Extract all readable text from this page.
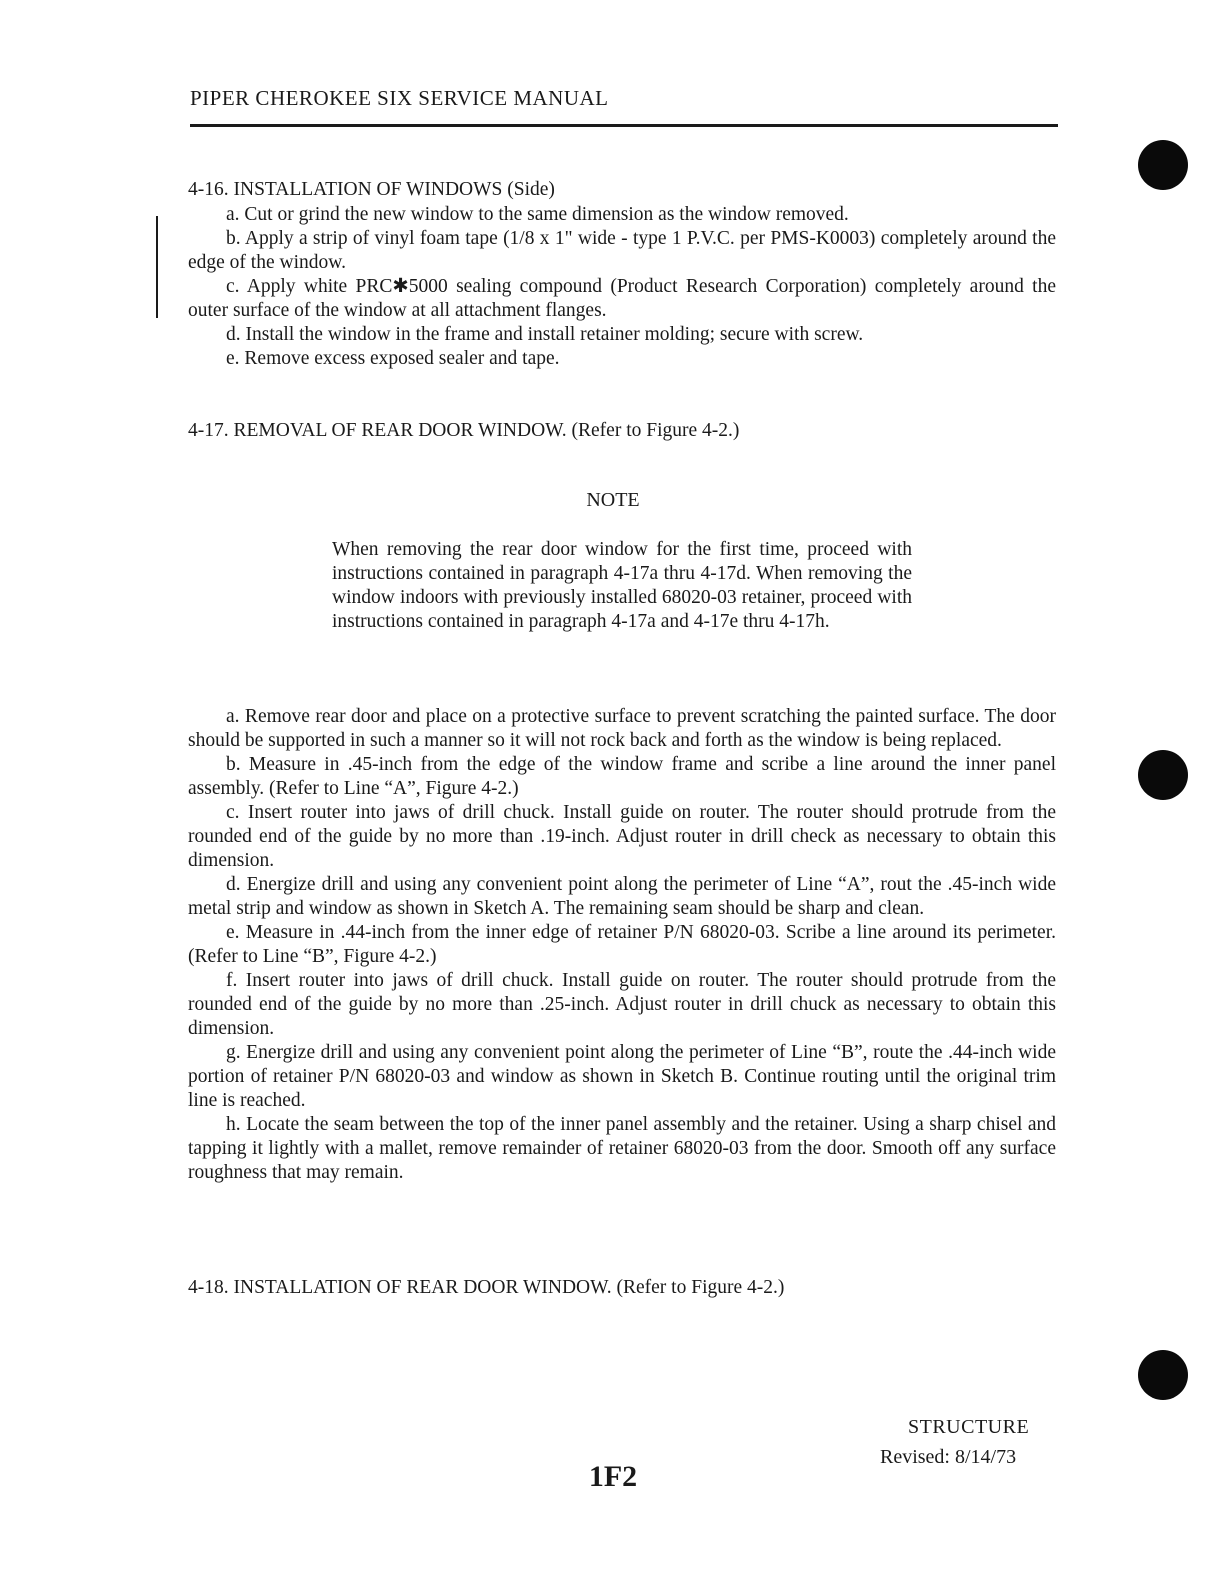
PIPER CHEROKEE SIX SERVICE MANUAL
4-16. INSTALLATION OF WINDOWS (Side)

a. Cut or grind the new window to the same dimension as the window removed.

b. Apply a strip of vinyl foam tape (1/8 x 1" wide - type 1 P.V.C. per PMS-K0003) completely around the edge of the window.

c. Apply white PRC✱5000 sealing compound (Product Research Corporation) completely around the outer surface of the window at all attachment flanges.

d. Install the window in the frame and install retainer molding; secure with screw.

e. Remove excess exposed sealer and tape.

4-17. REMOVAL OF REAR DOOR WINDOW. (Refer to Figure 4-2.)
NOTE

When removing the rear door window for the first time, proceed with instructions contained in paragraph 4-17a thru 4-17d. When removing the window indoors with previously installed 68020-03 retainer, proceed with instructions contained in paragraph 4-17a and 4-17e thru 4-17h.

a. Remove rear door and place on a protective surface to prevent scratching the painted surface. The door should be supported in such a manner so it will not rock back and forth as the window is being replaced.

b. Measure in .45-inch from the edge of the window frame and scribe a line around the inner panel assembly. (Refer to Line “A”, Figure 4-2.)

c. Insert router into jaws of drill chuck. Install guide on router. The router should protrude from the rounded end of the guide by no more than .19-inch. Adjust router in drill check as necessary to obtain this dimension.

d. Energize drill and using any convenient point along the perimeter of Line “A”, rout the .45-inch wide metal strip and window as shown in Sketch A. The remaining seam should be sharp and clean.

e. Measure in .44-inch from the inner edge of retainer P/N 68020-03. Scribe a line around its perimeter. (Refer to Line “B”, Figure 4-2.)

f. Insert router into jaws of drill chuck. Install guide on router. The router should protrude from the rounded end of the guide by no more than .25-inch. Adjust router in drill chuck as necessary to obtain this dimension.

g. Energize drill and using any convenient point along the perimeter of Line “B”, route the .44-inch wide portion of retainer P/N 68020-03 and window as shown in Sketch B. Continue routing until the original trim line is reached.

h. Locate the seam between the top of the inner panel assembly and the retainer. Using a sharp chisel and tapping it lightly with a mallet, remove remainder of retainer 68020-03 from the door. Smooth off any surface roughness that may remain.

4-18. INSTALLATION OF REAR DOOR WINDOW. (Refer to Figure 4-2.)
STRUCTURE
Revised: 8/14/73
1F2
